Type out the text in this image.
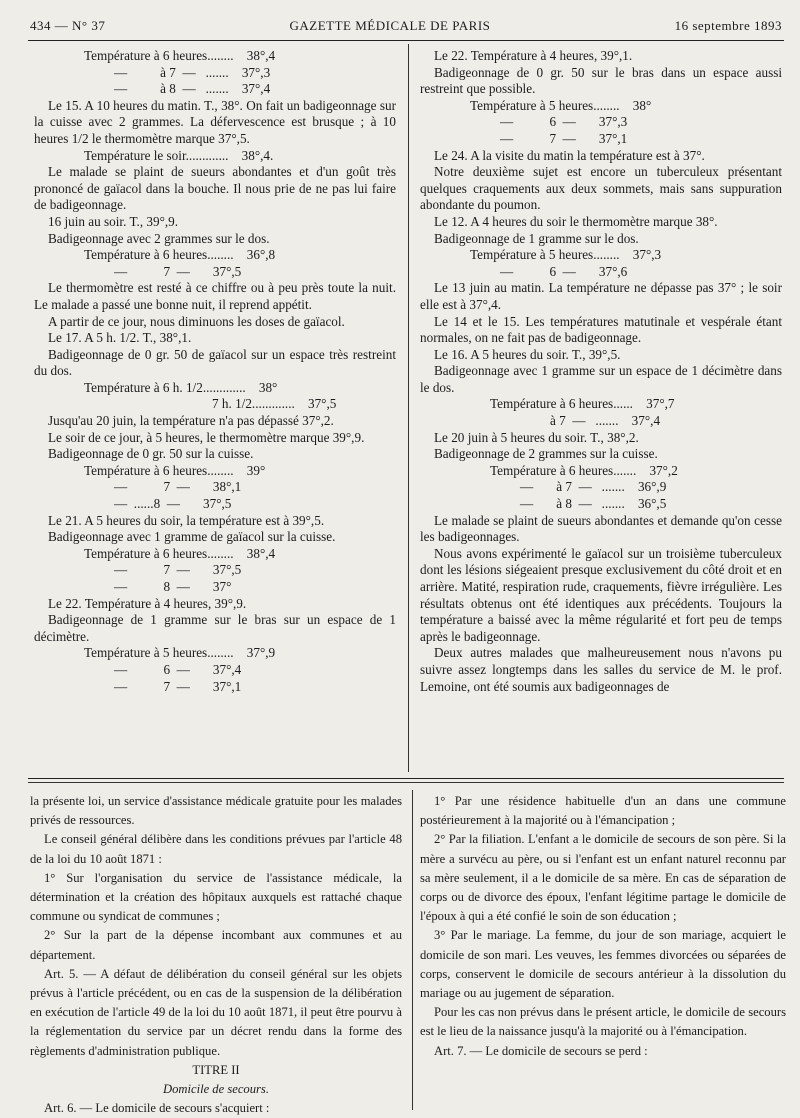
434 — N° 37	GAZETTE MÉDICALE DE PARIS	16 septembre 1893

Température à 6 heures........    38°,4

—          à 7  —   .......    37°,3

—          à 8  —   .......    37°,4

Le 15. A 10 heures du matin. T., 38°. On fait un badigeonnage sur la cuisse avec 2 grammes. La défervescence est brusque ; à 10 heures 1/2 le thermomètre marque 37°,5.

Température le soir.............    38°,4.

Le malade se plaint de sueurs abondantes et d'un goût très prononcé de gaïacol dans la bouche. Il nous prie de ne pas lui faire de badigeonnage.

16 juin au soir. T., 39°,9.

Badigeonnage avec 2 grammes sur le dos.

Température à 6 heures........    36°,8

—           7  —       37°,5

Le thermomètre est resté à ce chiffre ou à peu près toute la nuit. Le malade a passé une bonne nuit, il reprend appétit.

A partir de ce jour, nous diminuons les doses de gaïacol.

Le 17. A 5 h. 1/2. T., 38°,1.

Badigeonnage de 0 gr. 50 de gaïacol sur un espace très restreint du dos.

Température à 6 h. 1/2.............    38°

7 h. 1/2.............    37°,5

Jusqu'au 20 juin, la température n'a pas dépassé 37°,2.

Le soir de ce jour, à 5 heures, le thermomètre marque 39°,9.

Badigeonnage de 0 gr. 50 sur la cuisse.

Température à 6 heures........    39°

—           7  —       38°,1

—  ......8  —       37°,5

Le 21. A 5 heures du soir, la température est à 39°,5.

Badigeonnage avec 1 gramme de gaïacol sur la cuisse.

Température à 6 heures........    38°,4

—           7  —       37°,5

—           8  —       37°

Le 22. Température à 4 heures, 39°,9.

Badigeonnage de 1 gramme sur le bras sur un espace de 1 décimètre.

Température à 5 heures........    37°,9

—           6  —       37°,4

—           7  —       37°,1

Le 22. Température à 4 heures, 39°,1.

Badigeonnage de 0 gr. 50 sur le bras dans un espace aussi restreint que possible.

Température à 5 heures........    38°

—           6  —       37°,3

—           7  —       37°,1

Le 24. A la visite du matin la température est à 37°.

Notre deuxième sujet est encore un tuberculeux présentant quelques craquements aux deux sommets, mais sans suppuration abondante du poumon.

Le 12. A 4 heures du soir le thermomètre marque 38°.

Badigeonnage de 1 gramme sur le dos.

Température à 5 heures........    37°,3

—           6  —       37°,6

Le 13 juin au matin. La température ne dépasse pas 37° ; le soir elle est à 37°,4.

Le 14 et le 15. Les températures matutinale et vespérale étant normales, on ne fait pas de badigeonnage.

Le 16. A 5 heures du soir. T., 39°,5.

Badigeonnage avec 1 gramme sur un espace de 1 décimètre dans le dos.

Température à 6 heures......    37°,7

à 7  —   .......    37°,4

Le 20 juin à 5 heures du soir. T., 38°,2.

Badigeonnage de 2 grammes sur la cuisse.

Température à 6 heures.......    37°,2

—       à 7  —   .......    36°,9

—       à 8  —   .......    36°,5

Le malade se plaint de sueurs abondantes et demande qu'on cesse les badigeonnages.

Nous avons expérimenté le gaïacol sur un troisième tuberculeux dont les lésions siégeaient presque exclusivement du côté droit et en arrière. Matité, respiration rude, craquements, fièvre irrégulière. Les résultats obtenus ont été identiques aux précédents. Toujours la température a baissé avec la même régularité et fort peu de temps après le badigeonnage.

Deux autres malades que malheureusement nous n'avons pu suivre assez longtemps dans les salles du service de M. le prof. Lemoine, ont été soumis aux badigeonnages de

la présente loi, un service d'assistance médicale gratuite pour les malades privés de ressources.

Le conseil général délibère dans les conditions prévues par l'article 48 de la loi du 10 août 1871 :

1° Sur l'organisation du service de l'assistance médicale, la détermination et la création des hôpitaux auxquels est rattaché chaque commune ou syndicat de communes ;

2° Sur la part de la dépense incombant aux communes et au département.

Art. 5. — A défaut de délibération du conseil général sur les objets prévus à l'article précédent, ou en cas de la suspension de la délibération en exécution de l'article 49 de la loi du 10 août 1871, il peut être pourvu à la réglementation du service par un décret rendu dans la forme des règlements d'administration publique.

TITRE II

Domicile de secours.

Art. 6. — Le domicile de secours s'acquiert :

1° Par une résidence habituelle d'un an dans une commune postérieurement à la majorité ou à l'émancipation ;

2° Par la filiation. L'enfant a le domicile de secours de son père. Si la mère a survécu au père, ou si l'enfant est un enfant naturel reconnu par sa mère seulement, il a le domicile de sa mère. En cas de séparation de corps ou de divorce des époux, l'enfant légitime partage le domicile de l'époux à qui a été confié le soin de son éducation ;

3° Par le mariage. La femme, du jour de son mariage, acquiert le domicile de son mari. Les veuves, les femmes divorcées ou séparées de corps, conservent le domicile de secours antérieur à la dissolution du mariage ou au jugement de séparation.

Pour les cas non prévus dans le présent article, le domicile de secours est le lieu de la naissance jusqu'à la majorité ou à l'émancipation.

Art. 7. — Le domicile de secours se perd :
